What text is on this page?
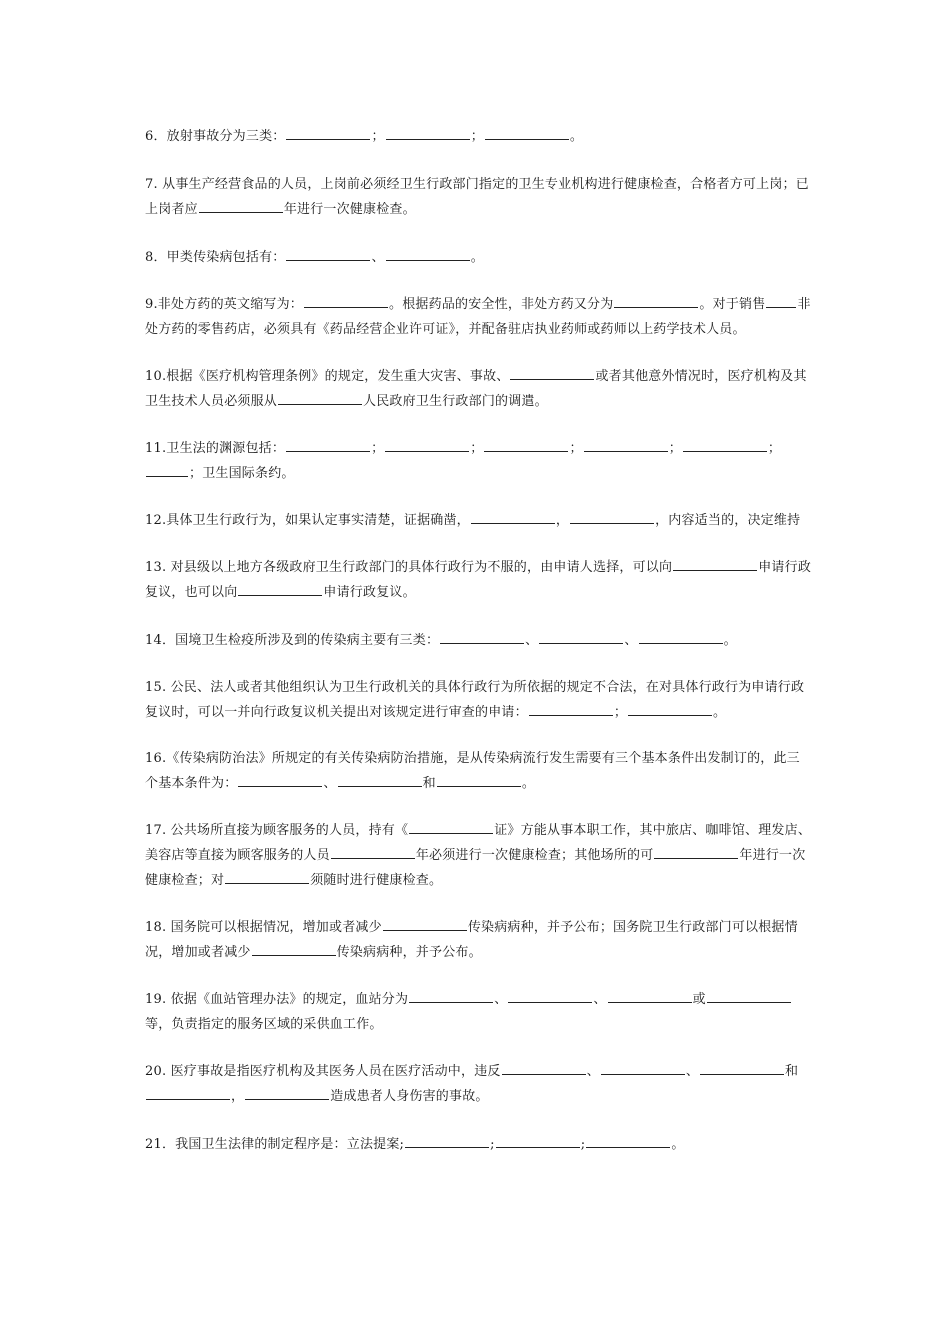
6．放射事故分为三类：	；	；	。

7. 从事生产经营食品的人员，上岗前必须经卫生行政部门指定的卫生专业机构进行健康检查，合格者方可上岗；已上岗者应	年进行一次健康检查。

8．甲类传染病包括有：	、	。

9.非处方药的英文缩写为：	。根据药品的安全性，非处方药又分为	。对于销售 非处方药的零售药店，必须具有《药品经营企业许可证》，并配备驻店执业药师或药师以上药学技术人员。

10.根据《医疗机构管理条例》的规定，发生重大灾害、事故、	或者其他意外情况时，医疗机构及其卫生技术人员必须服从	人民政府卫生行政部门的调遣。

11.卫生法的渊源包括：	；	；	；	；	；；卫生国际条约。

12.具体卫生行政行为，如果认定事实清楚，证据确凿，	，	，内容适当的，决定维持

13. 对县级以上地方各级政府卫生行政部门的具体行政行为不服的，由申请人选择，可以向	申请行政复议，也可以向	申请行政复议。

14．国境卫生检疫所涉及到的传染病主要有三类：	、	、	。

15. 公民、法人或者其他组织认为卫生行政机关的具体行政行为所依据的规定不合法，在对具体行政行为申请行政复议时，可以一并向行政复议机关提出对该规定进行审查的申请：	；	。

16.《传染病防治法》所规定的有关传染病防治措施，是从传染病流行发生需要有三个基本条件出发制订的，此三个基本条件为：	、	和	。

17. 公共场所直接为顾客服务的人员，持有《	证》方能从事本职工作，其中旅店、咖啡馆、理发店、美容店等直接为顾客服务的人员	年必须进行一次健康检查；其他场所的可	年进行一次健康检查；对	须随时进行健康检查。

18. 国务院可以根据情况，增加或者减少	传染病病种，并予公布；国务院卫生行政部门可以根据情况，增加或者减少	传染病病种，并予公布。

19. 依据《血站管理办法》的规定，血站分为	、	、	或等，负责指定的服务区域的采供血工作。

20. 医疗事故是指医疗机构及其医务人员在医疗活动中，违反	、	、	和，	造成患者人身伤害的事故。

21．我国卫生法律的制定程序是：立法提案;	;	;	。
